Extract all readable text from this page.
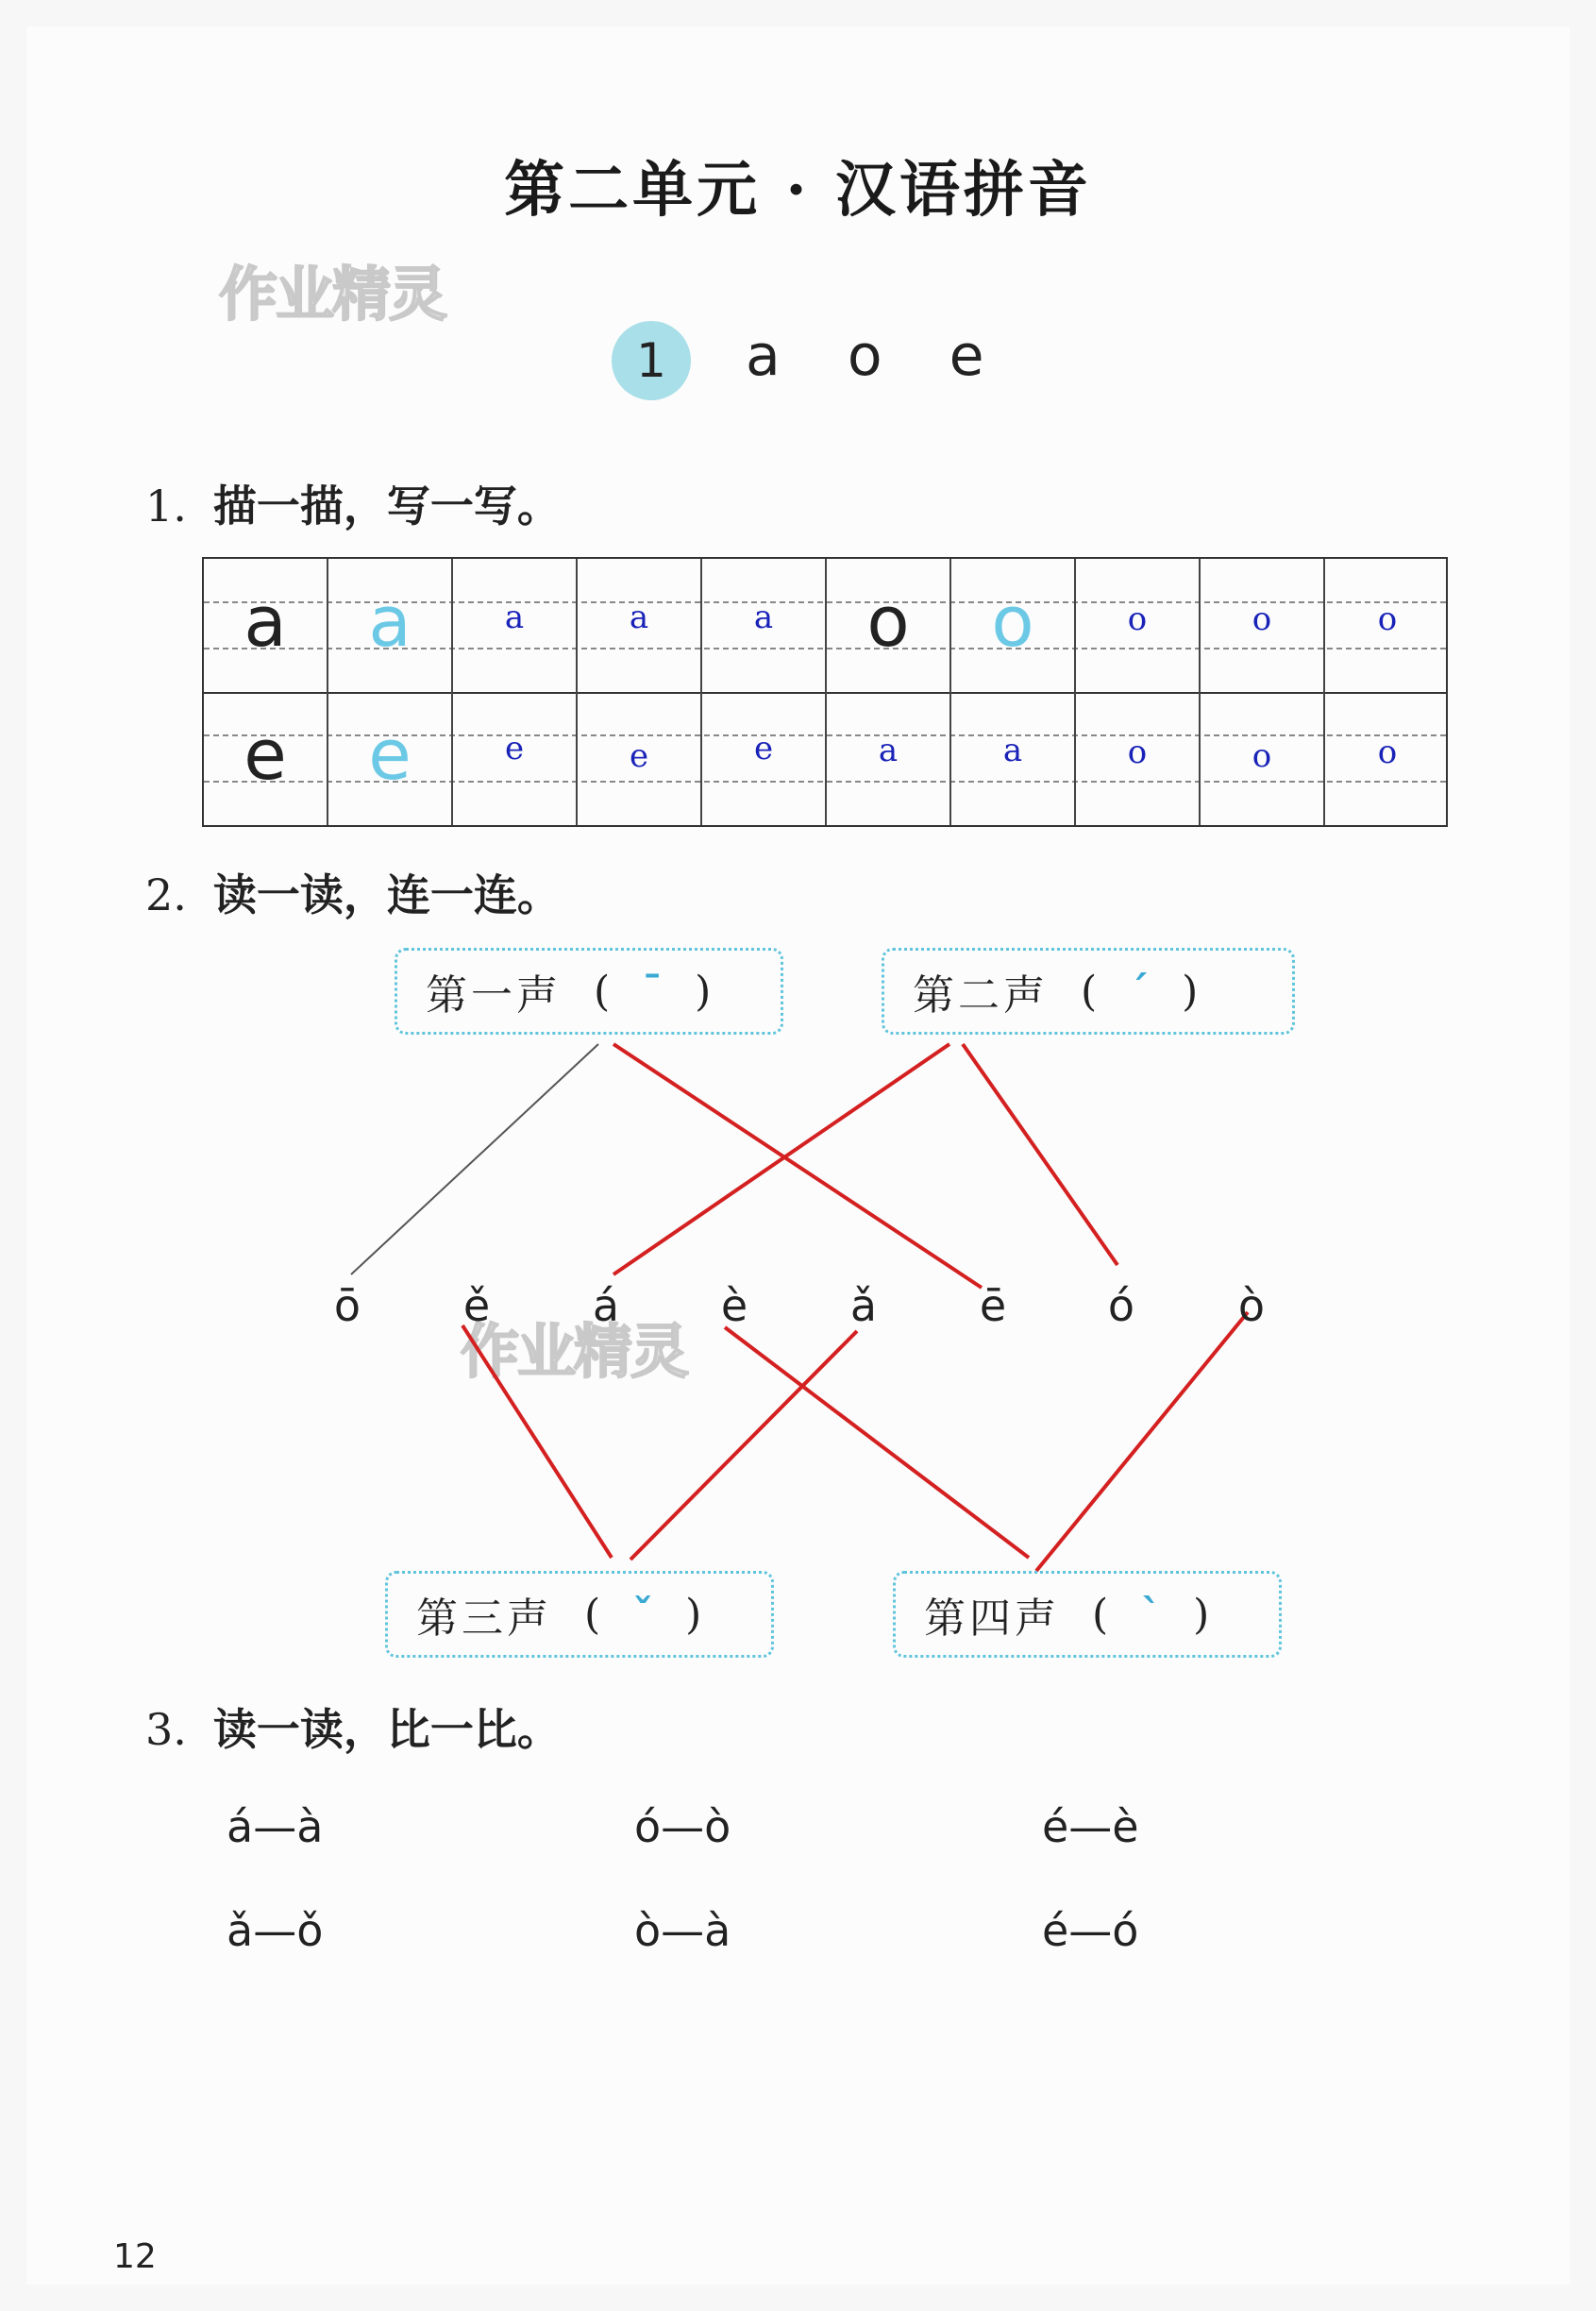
第二单元 · 汉语拼音
作业精灵
作业精灵
1	a o e
1. 描一描，写一写。
a	a	a	a	a	o	o	o	o	o
e	e	e	e	e	a	a	o	o	o
2. 读一读，连一连。
第一声 ( ˉ )	第二声 ( ˊ )
ō	ě	á	è	ǎ	ē	ó	ò
第三声 ( ˇ )	第四声 ( ˋ )
3. 读一读，比一比。
á—à	ó—ò	é—è
ǎ—ǒ	ò—à	é—ó
12
